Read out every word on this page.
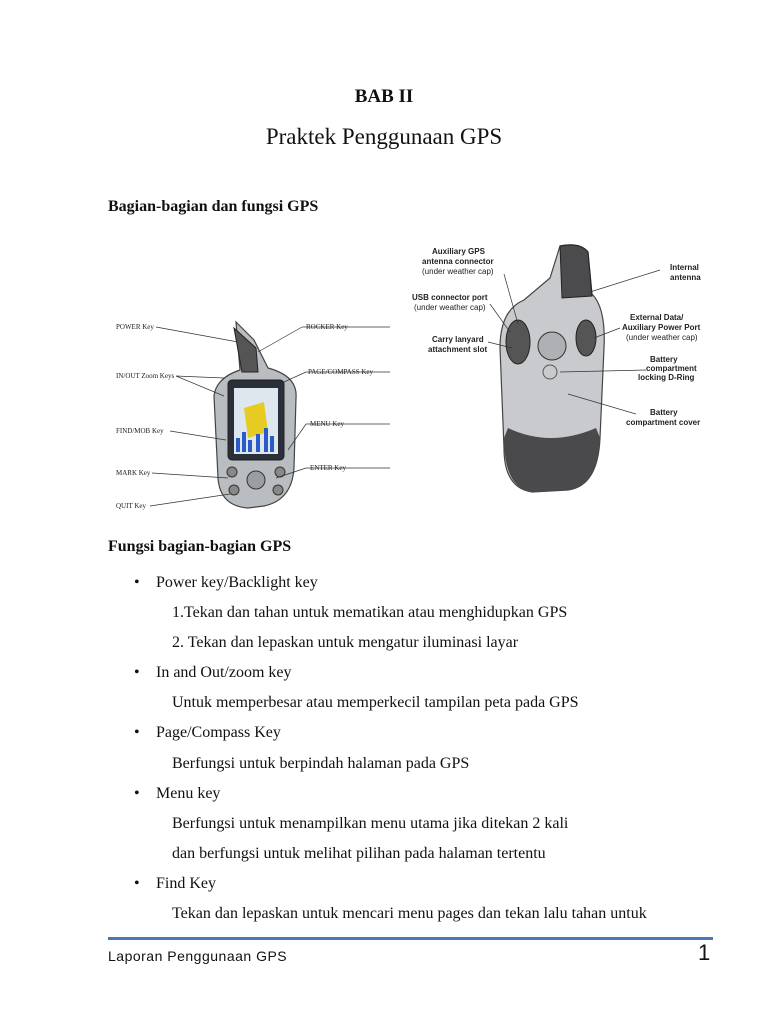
BAB II
Praktek Penggunaan GPS
Bagian-bagian dan fungsi GPS
POWER Key
IN/OUT Zoom Keys
FIND/MOB Key
MARK Key
QUIT Key
ROCKER Key
PAGE/COMPASS Key
MENU Key
ENTER Key
Auxiliary GPS
antenna connector
(under weather cap)
USB connector port
(under weather cap)
Carry lanyard
attachment slot
Internal
antenna
External Data/
Auxiliary Power Port
(under weather cap)
Battery
compartment
locking D-Ring
Battery
compartment cover
Fungsi bagian-bagian GPS
• Power key/Backlight key
1.Tekan dan tahan untuk mematikan atau menghidupkan GPS
2. Tekan dan lepaskan untuk mengatur iluminasi layar
• In and Out/zoom key
Untuk memperbesar atau memperkecil tampilan peta pada GPS
• Page/Compass Key
Berfungsi untuk berpindah halaman pada GPS
• Menu key
Berfungsi untuk menampilkan menu utama jika ditekan 2 kali
dan berfungsi untuk melihat pilihan pada halaman tertentu
• Find Key
Tekan dan lepaskan untuk mencari menu pages dan tekan lalu tahan untuk
Laporan Penggunaan GPS	1
